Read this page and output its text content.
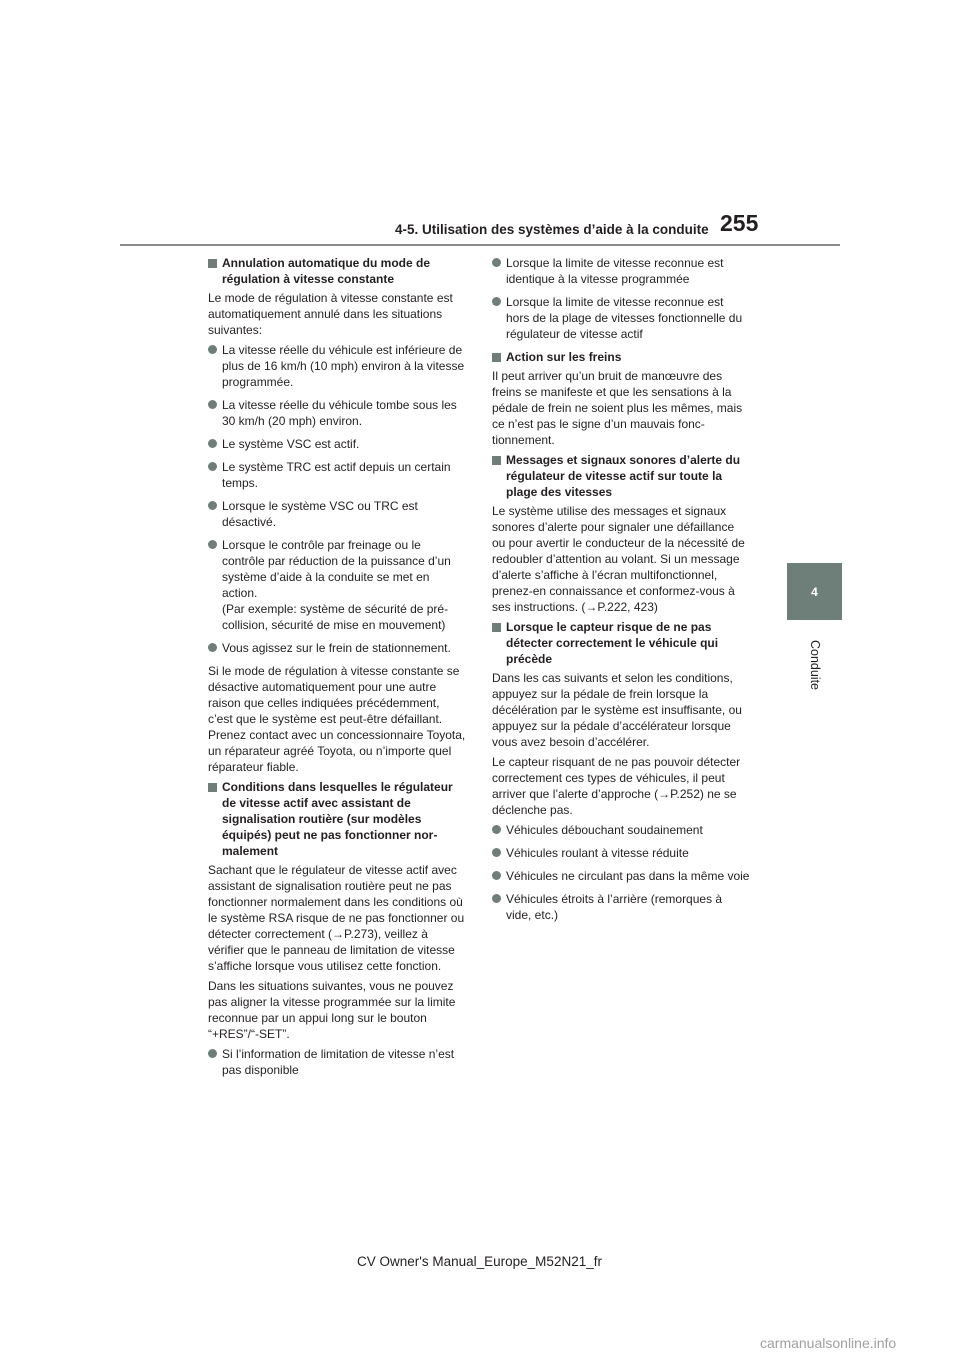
255
4-5. Utilisation des systèmes d’aide à la conduite
4
Conduite
Annulation automatique du mode de régulation à vitesse constante
Le mode de régulation à vitesse constante est automatiquement annulé dans les situations suivantes:
La vitesse réelle du véhicule est inférieure de plus de 16 km/h (10 mph) environ à la vitesse programmée.
La vitesse réelle du véhicule tombe sous les 30 km/h (20 mph) environ.
Le système VSC est actif.
Le système TRC est actif depuis un certain temps.
Lorsque le système VSC ou TRC est désactivé.
Lorsque le contrôle par freinage ou le contrôle par réduction de la puissance d’un système d’aide à la conduite se met en action.
(Par exemple: système de sécurité de précollision, sécurité de mise en mouvement)
Vous agissez sur le frein de stationnement.
Si le mode de régulation à vitesse constante se désactive automatiquement pour une autre raison que celles indiquées précédemment, c’est que le système est peut-être défaillant. Prenez contact avec un concessionnaire Toyota, un réparateur agréé Toyota, ou n’importe quel réparateur fiable.
Conditions dans lesquelles le régulateur de vitesse actif avec assistant de signalisation routière (sur modèles équipés) peut ne pas fonctionner normalement
Sachant que le régulateur de vitesse actif avec assistant de signalisation routière peut ne pas fonctionner normalement dans les conditions où le système RSA risque de ne pas fonctionner ou détecter correctement (→P.273), veillez à vérifier que le panneau de limitation de vitesse s’affiche lorsque vous utilisez cette fonction.
Dans les situations suivantes, vous ne pouvez pas aligner la vitesse programmée sur la limite reconnue par un appui long sur le bouton “+RES”/“-SET”.
Si l’information de limitation de vitesse n’est pas disponible
Lorsque la limite de vitesse reconnue est identique à la vitesse programmée
Lorsque la limite de vitesse reconnue est hors de la plage de vitesses fonctionnelle du régulateur de vitesse actif
Action sur les freins
Il peut arriver qu’un bruit de manœuvre des freins se manifeste et que les sensations à la pédale de frein ne soient plus les mêmes, mais ce n’est pas le signe d’un mauvais fonctionnement.
Messages et signaux sonores d’alerte du régulateur de vitesse actif sur toute la plage des vitesses
Le système utilise des messages et signaux sonores d’alerte pour signaler une défaillance ou pour avertir le conducteur de la nécessité de redoubler d’attention au volant. Si un message d’alerte s’affiche à l’écran multifonctionnel, prenez-en connaissance et conformez-vous à ses instructions. (→P.222, 423)
Lorsque le capteur risque de ne pas détecter correctement le véhicule qui précède
Dans les cas suivants et selon les conditions, appuyez sur la pédale de frein lorsque la décélération par le système est insuffisante, ou appuyez sur la pédale d’accélérateur lorsque vous avez besoin d’accélérer.
Le capteur risquant de ne pas pouvoir détecter correctement ces types de véhicules, il peut arriver que l’alerte d’approche (→P.252) ne se déclenche pas.
Véhicules débouchant soudainement
Véhicules roulant à vitesse réduite
Véhicules ne circulant pas dans la même voie
Véhicules étroits à l’arrière (remorques à vide, etc.)
CV Owner's Manual_Europe_M52N21_fr
carmanualsonline.info
